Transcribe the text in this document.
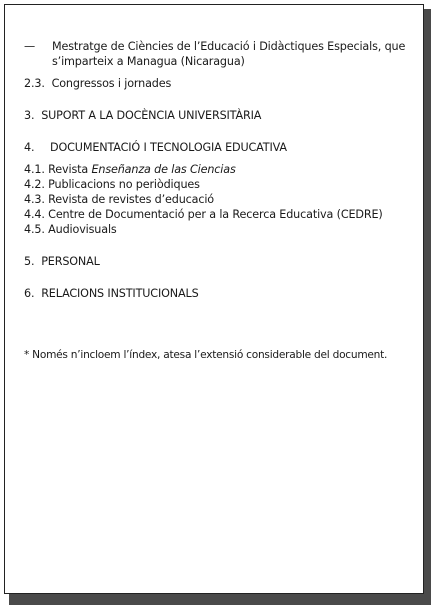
—	Mestratge de Ciències de l’Educació i Didàctiques Especials, que
s’imparteix a Managua (Nicaragua)
2.3. Congressos i jornades
3. SUPORT A LA DOCÈNCIA UNIVERSITÀRIA
4. DOCUMENTACIÓ I TECNOLOGIA EDUCATIVA
4.1. Revista Enseñanza de las Ciencias
4.2. Publicacions no periòdiques
4.3. Revista de revistes d’educació
4.4. Centre de Documentació per a la Recerca Educativa (CEDRE)
4.5. Audiovisuals
5. PERSONAL
6. RELACIONS INSTITUCIONALS
* Només n’incloem l’índex, atesa l’extensió considerable del document.
